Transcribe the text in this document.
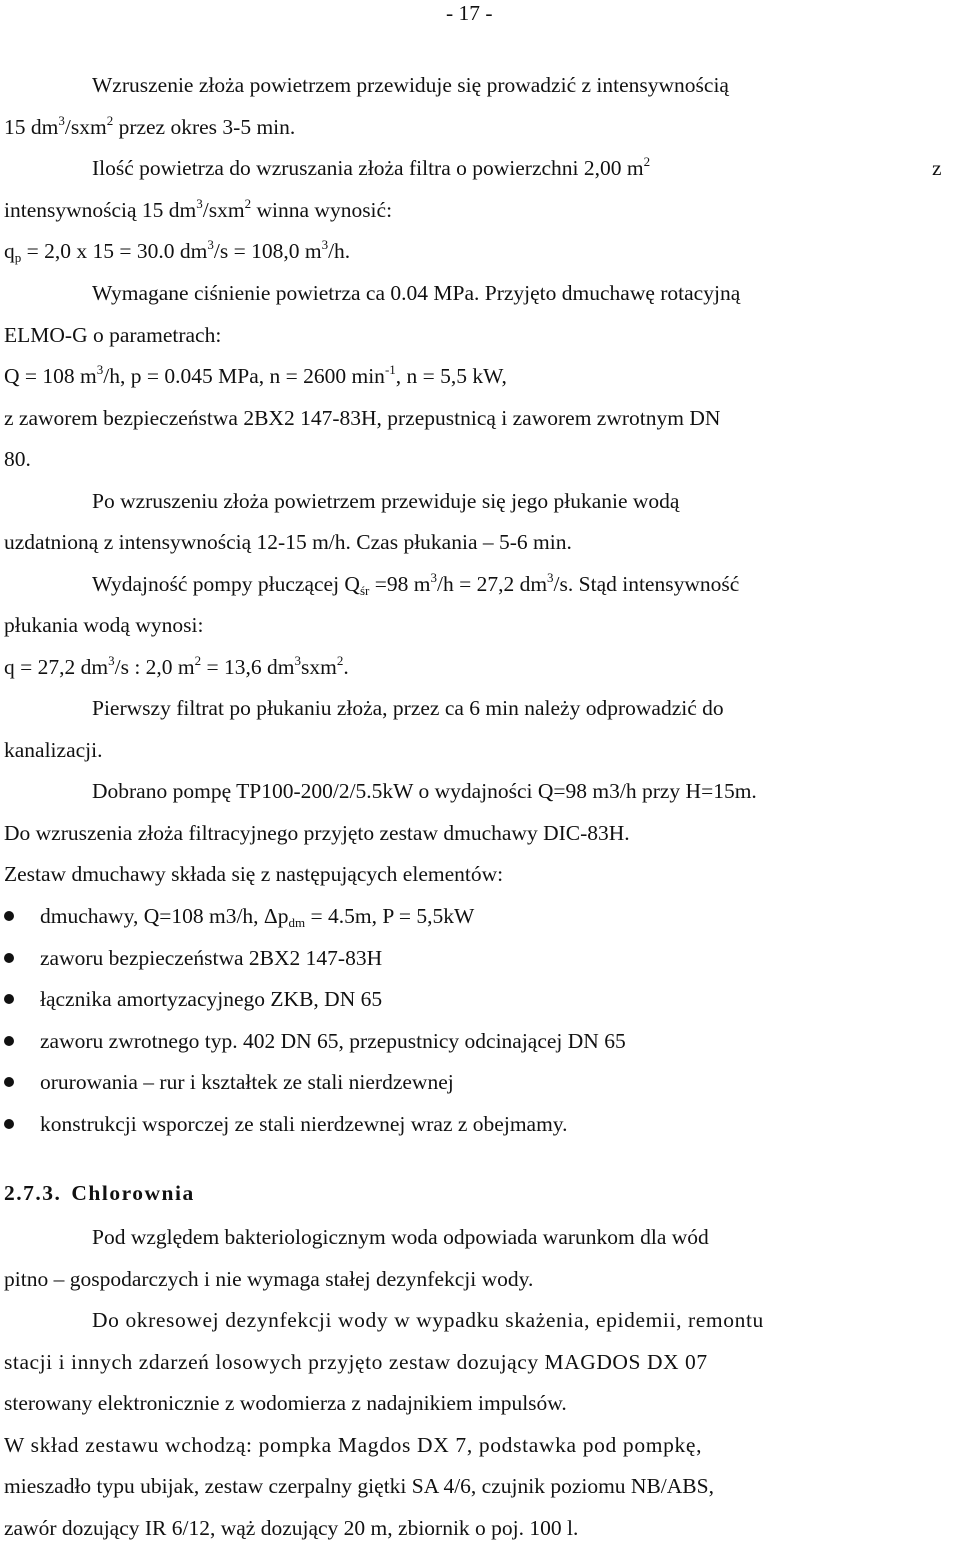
- 17 -
Wzruszenie złoża powietrzem przewiduje się prowadzić z intensywnością
15 $dm^3/sxm^2$ przez okres 3-5 min.
Ilość powietrza do wzruszania złoża filtra o powierzchni 2,00 $m^2$	z
intensywnością 15 $dm^3/sxm^2$ winna wynosić:
$q_p = 2,0$ x 15 = 30.0 $dm^3/s = 108,0$ $m^3/h$.
Wymagane ciśnienie powietrza ca 0.04 MPa. Przyjęto dmuchawę rotacyjną
ELMO-G o parametrach:
Q = 108 $m^3/h$, p = 0.045 MPa, n = 2600 $\min^{-1}$, n = 5,5 kW,
z zaworem bezpieczeństwa 2BX2 147-83H, przepustnicą i zaworem zwrotnym DN
80.
Po wzruszeniu złoża powietrzem przewiduje się jego płukanie wodą
uzdatnioną z intensywnością 12-15 m/h. Czas płukania – 5-6 min.
Wydajność pompy płuczącej $Q_{śr} =98$ $m^3/h = 27,2$ $dm^3/s$. Stąd intensywność
płukania wodą wynosi:
q = 27,2 $dm^3/s$ : 2,0 $m^2 = 13,6$ $dm^3sxm^2$.
Pierwszy filtrat po płukaniu złoża, przez ca 6 min należy odprowadzić do
kanalizacji.
Dobrano pompę TP100-200/2/5.5kW o wydajności Q=98 m3/h przy H=15m.
Do wzruszenia złoża filtracyjnego przyjęto zestaw dmuchawy DIC-83H.
Zestaw dmuchawy składa się z następujących elementów:
dmuchawy, Q=108 m3/h, $\Delta p_{dm} = 4.5m$, P = 5,5kW
zaworu bezpieczeństwa 2BX2 147-83H
łącznika amortyzacyjnego ZKB, DN 65
zaworu zwrotnego typ. 402 DN 65, przepustnicy odcinającej DN 65
orurowania – rur i kształtek ze stali nierdzewnej
konstrukcji wsporczej ze stali nierdzewnej wraz z obejmamy.
2.7.3. Chlorownia
Pod względem bakteriologicznym woda odpowiada warunkom dla wód
pitno – gospodarczych i nie wymaga stałej dezynfekcji wody.
Do okresowej dezynfekcji wody w wypadku skażenia, epidemii, remontu
stacji i innych zdarzeń losowych przyjęto zestaw dozujący MAGDOS DX 07
sterowany elektronicznie z wodomierza z nadajnikiem impulsów.
W skład zestawu wchodzą: pompka Magdos DX 7, podstawka pod pompkę,
mieszadło typu ubijak, zestaw czerpalny giętki SA 4/6, czujnik poziomu NB/ABS,
zawór dozujący IR 6/12, wąż dozujący 20 m, zbiornik o poj. 100 l.
